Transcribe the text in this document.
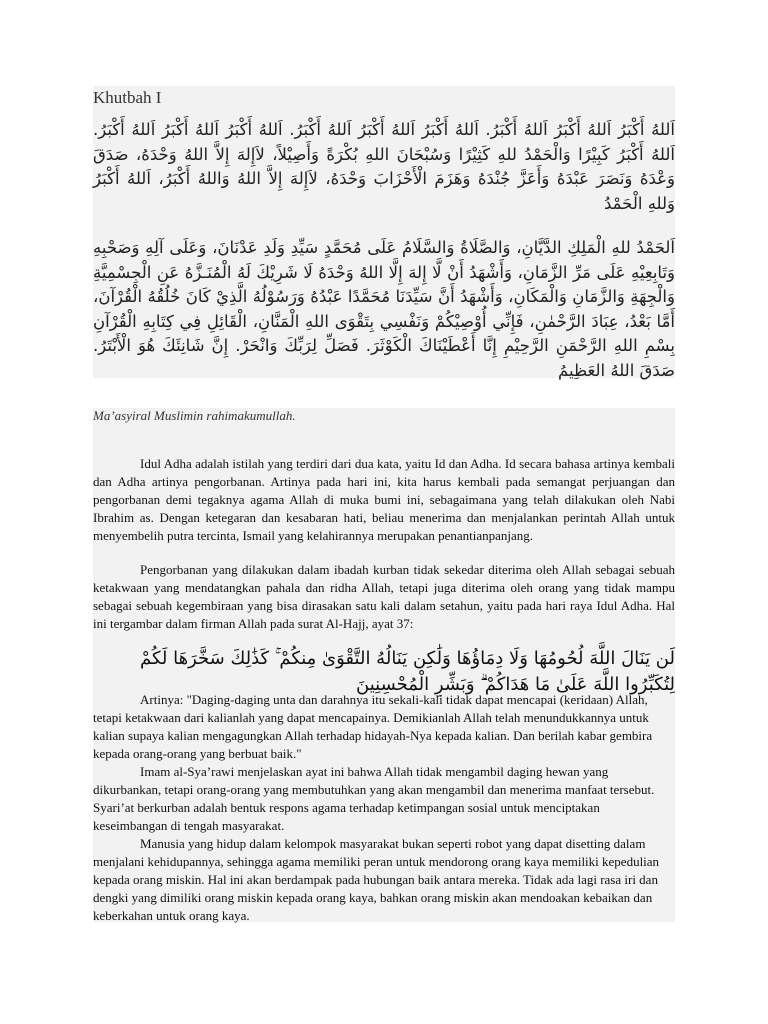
Khutbah I
اَللهُ أَكْبَرُ اَللهُ أَكْبَرُ اَللهُ أَكْبَرُ. اَللهُ أَكْبَرُ اَللهُ أَكْبَرُ اَللهُ أَكْبَرُ. اَللهُ أَكْبَرُ اَللهُ أَكْبَرُ اَللهُ أَكْبَرُ. اَللهُ أَكْبَرُ كَبِيْرًا وَالْحَمْدُ للهِ كَثِيْرًا وَسُبْحَانَ اللهِ بُكْرَةً وَأَصِيْلاً، لاَإِلهَ إِلاَّ اللهُ وَحْدَهُ، صَدَقَ وَعْدَهُ وَنَصَرَ عَبْدَهُ وَأَعَزَّ جُنْدَهُ وَهَزَمَ الْأَحْزَابَ وَحْدَهُ، لاَإِلهَ إِلاَّ اللهُ وَاللهُ أَكْبَرُ، اَللهُ أَكْبَرُ وَللهِ الْحَمْدُ
اَلحَمْدُ للهِ الْمَلِكِ الدَّيَّانِ، وَالصَّلَاةُ وَالسَّلَامُ عَلَى مُحَمَّدٍ سَيِّدِ وَلَدِ عَدْنَانَ، وَعَلَى آلِهِ وَصَحْبِهِ وَتَابِعِيْهِ عَلَى مَرِّ الزَّمَانِ، وَأَشْهَدُ أَنْ لَّا إِلهَ إِلَّا اللهُ وَحْدَهُ لَا شَرِيْكَ لَهُ الْمُنَـزَّهُ عَنِ الْجِسْمِيَّةِ وَالْجِهَةِ وَالزَّمَانِ وَالْمَكَانِ، وَأَشْهَدُ أَنَّ سَيِّدَنَا مُحَمَّدًا عَبْدُهُ وَرَسُوْلُهُ الَّذِيْ كَانَ خُلُقُهُ الْقُرْآنَ، أَمَّا بَعْدُ، عِبَادَ الرَّحْمٰنِ، فَإِنِّي أُوْصِيْكُمْ وَنَفْسِي بِتَقْوَى اللهِ الْمَنَّانِ، الْقَائِلِ فِي كِتَابِهِ الْقُرْآنِ بِسْمِ اللهِ الرَّحْمَنِ الرَّحِيْمِ إِنَّا أَعْطَيْنَاكَ الْكَوْثَرَ. فَصَلِّ لِرَبِّكَ وَانْحَرْ. إِنَّ شَانِئَكَ هُوَ الْأَبْتَرُ. صَدَقَ اللهُ العَظِيمُ
Ma’asyiral Muslimin rahimakumullah.

Idul Adha adalah istilah yang terdiri dari dua kata, yaitu Id dan Adha. Id secara bahasa artinya kembali dan Adha artinya pengorbanan. Artinya pada hari ini, kita harus kembali pada semangat perjuangan dan pengorbanan demi tegaknya agama Allah di muka bumi ini, sebagaimana yang telah dilakukan oleh Nabi Ibrahim as. Dengan ketegaran dan kesabaran hati, beliau menerima dan menjalankan perintah Allah untuk menyembelih putra tercinta, Ismail yang kelahirannya merupakan penantianpanjang.

Pengorbanan yang dilakukan dalam ibadah kurban tidak sekedar diterima oleh Allah sebagai sebuah ketakwaan yang mendatangkan pahala dan ridha Allah, tetapi juga diterima oleh orang yang tidak mampu sebagai sebuah kegembiraan yang bisa dirasakan satu kali dalam setahun, yaitu pada hari raya Idul Adha. Hal ini tergambar dalam firman Allah pada surat Al-Hajj, ayat 37:

لَن يَنَالَ اللَّهَ لُحُومُهَا وَلَا دِمَاؤُهَا وَلَٰكِن يَنَالُهُ التَّقْوَىٰ مِنكُمْ ۚ كَذَٰلِكَ سَخَّرَهَا لَكُمْ لِتُكَبِّرُوا اللَّهَ عَلَىٰ مَا هَدَاكُمْ ۗ وَبَشِّرِ الْمُحْسِنِينَ

Artinya: "Daging-daging unta dan darahnya itu sekali-kali tidak dapat mencapai (keridaan) Allah, tetapi ketakwaan dari kalianlah yang dapat mencapainya. Demikianlah Allah telah menundukkannya untuk kalian supaya kalian mengagungkan Allah terhadap hidayah-Nya kepada kalian. Dan berilah kabar gembira kepada orang-orang yang berbuat baik."

Imam al-Sya’rawi menjelaskan ayat ini bahwa Allah tidak mengambil daging hewan yang dikurbankan, tetapi orang-orang yang membutuhkan yang akan mengambil dan menerima manfaat tersebut. Syari’at berkurban adalah bentuk respons agama terhadap ketimpangan sosial untuk menciptakan keseimbangan di tengah masyarakat.

Manusia yang hidup dalam kelompok masyarakat bukan seperti robot yang dapat disetting dalam menjalani kehidupannya, sehingga agama memiliki peran untuk mendorong orang kaya memiliki kepedulian kepada orang miskin. Hal ini akan berdampak pada hubungan baik antara mereka. Tidak ada lagi rasa iri dan dengki yang dimiliki orang miskin kepada orang kaya, bahkan orang miskin akan mendoakan kebaikan dan keberkahan untuk orang kaya.
